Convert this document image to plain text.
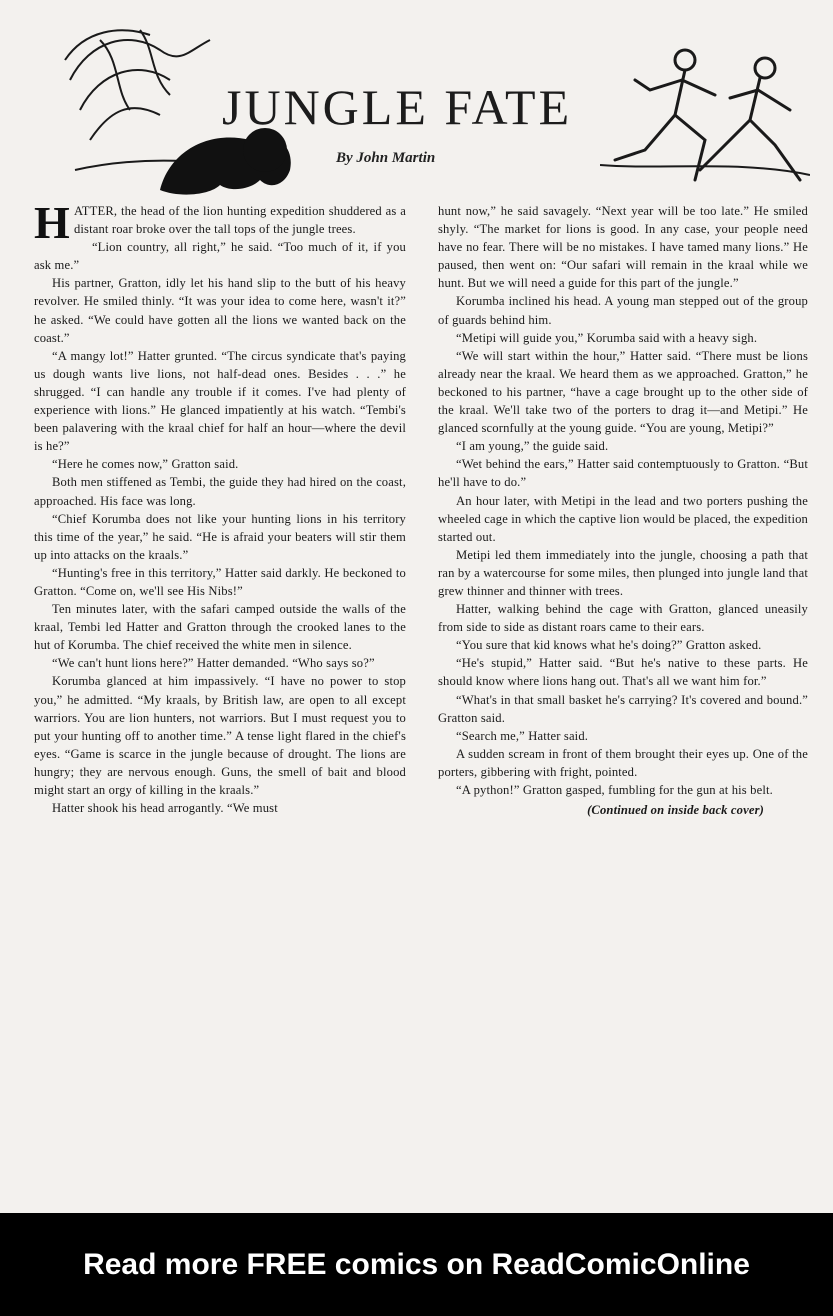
JUNGLE FATE
By John Martin

HATTER, the head of the lion hunting expedition shuddered as a distant roar broke over the tall tops of the jungle trees.

“Lion country, all right,” he said. “Too much of it, if you ask me.”

His partner, Gratton, idly let his hand slip to the butt of his heavy revolver. He smiled thinly. “It was your idea to come here, wasn't it?” he asked. “We could have gotten all the lions we wanted back on the coast.”

“A mangy lot!” Hatter grunted. “The circus syndicate that's paying us dough wants live lions, not half-dead ones. Besides . . .” he shrugged. “I can handle any trouble if it comes. I've had plenty of experience with lions.” He glanced impatiently at his watch. “Tembi's been palavering with the kraal chief for half an hour—where the devil is he?”

“Here he comes now,” Gratton said.

Both men stiffened as Tembi, the guide they had hired on the coast, approached. His face was long.

“Chief Korumba does not like your hunting lions in his territory this time of the year,” he said. “He is afraid your beaters will stir them up into attacks on the kraals.”

“Hunting's free in this territory,” Hatter said darkly. He beckoned to Gratton. “Come on, we'll see His Nibs!”

Ten minutes later, with the safari camped outside the walls of the kraal, Tembi led Hatter and Gratton through the crooked lanes to the hut of Korumba. The chief received the white men in silence.

“We can't hunt lions here?” Hatter demanded. “Who says so?”

Korumba glanced at him impassively. “I have no power to stop you,” he admitted. “My kraals, by British law, are open to all except warriors. You are lion hunters, not warriors. But I must request you to put your hunting off to another time.” A tense light flared in the chief's eyes. “Game is scarce in the jungle because of drought. The lions are hungry; they are nervous enough. Guns, the smell of bait and blood might start an orgy of killing in the kraals.”

Hatter shook his head arrogantly. “We must

hunt now,” he said savagely. “Next year will be too late.” He smiled shyly. “The market for lions is good. In any case, your people need have no fear. There will be no mistakes. I have tamed many lions.” He paused, then went on: “Our safari will remain in the kraal while we hunt. But we will need a guide for this part of the jungle.”

Korumba inclined his head. A young man stepped out of the group of guards behind him.

“Metipi will guide you,” Korumba said with a heavy sigh.

“We will start within the hour,” Hatter said. “There must be lions already near the kraal. We heard them as we approached. Gratton,” he beckoned to his partner, “have a cage brought up to the other side of the kraal. We'll take two of the porters to drag it—and Metipi.” He glanced scornfully at the young guide. “You are young, Metipi?”

“I am young,” the guide said.

“Wet behind the ears,” Hatter said contemptuously to Gratton. “But he'll have to do.”

An hour later, with Metipi in the lead and two porters pushing the wheeled cage in which the captive lion would be placed, the expedition started out.

Metipi led them immediately into the jungle, choosing a path that ran by a watercourse for some miles, then plunged into jungle land that grew thinner and thinner with trees.

Hatter, walking behind the cage with Gratton, glanced uneasily from side to side as distant roars came to their ears.

“You sure that kid knows what he's doing?” Gratton asked.

“He's stupid,” Hatter said. “But he's native to these parts. He should know where lions hang out. That's all we want him for.”

“What's in that small basket he's carrying? It's covered and bound.” Gratton said.

“Search me,” Hatter said.

A sudden scream in front of them brought their eyes up. One of the porters, gibbering with fright, pointed.

“A python!” Gratton gasped, fumbling for the gun at his belt.

(Continued on inside back cover)
Read more FREE comics on ReadComicOnline
